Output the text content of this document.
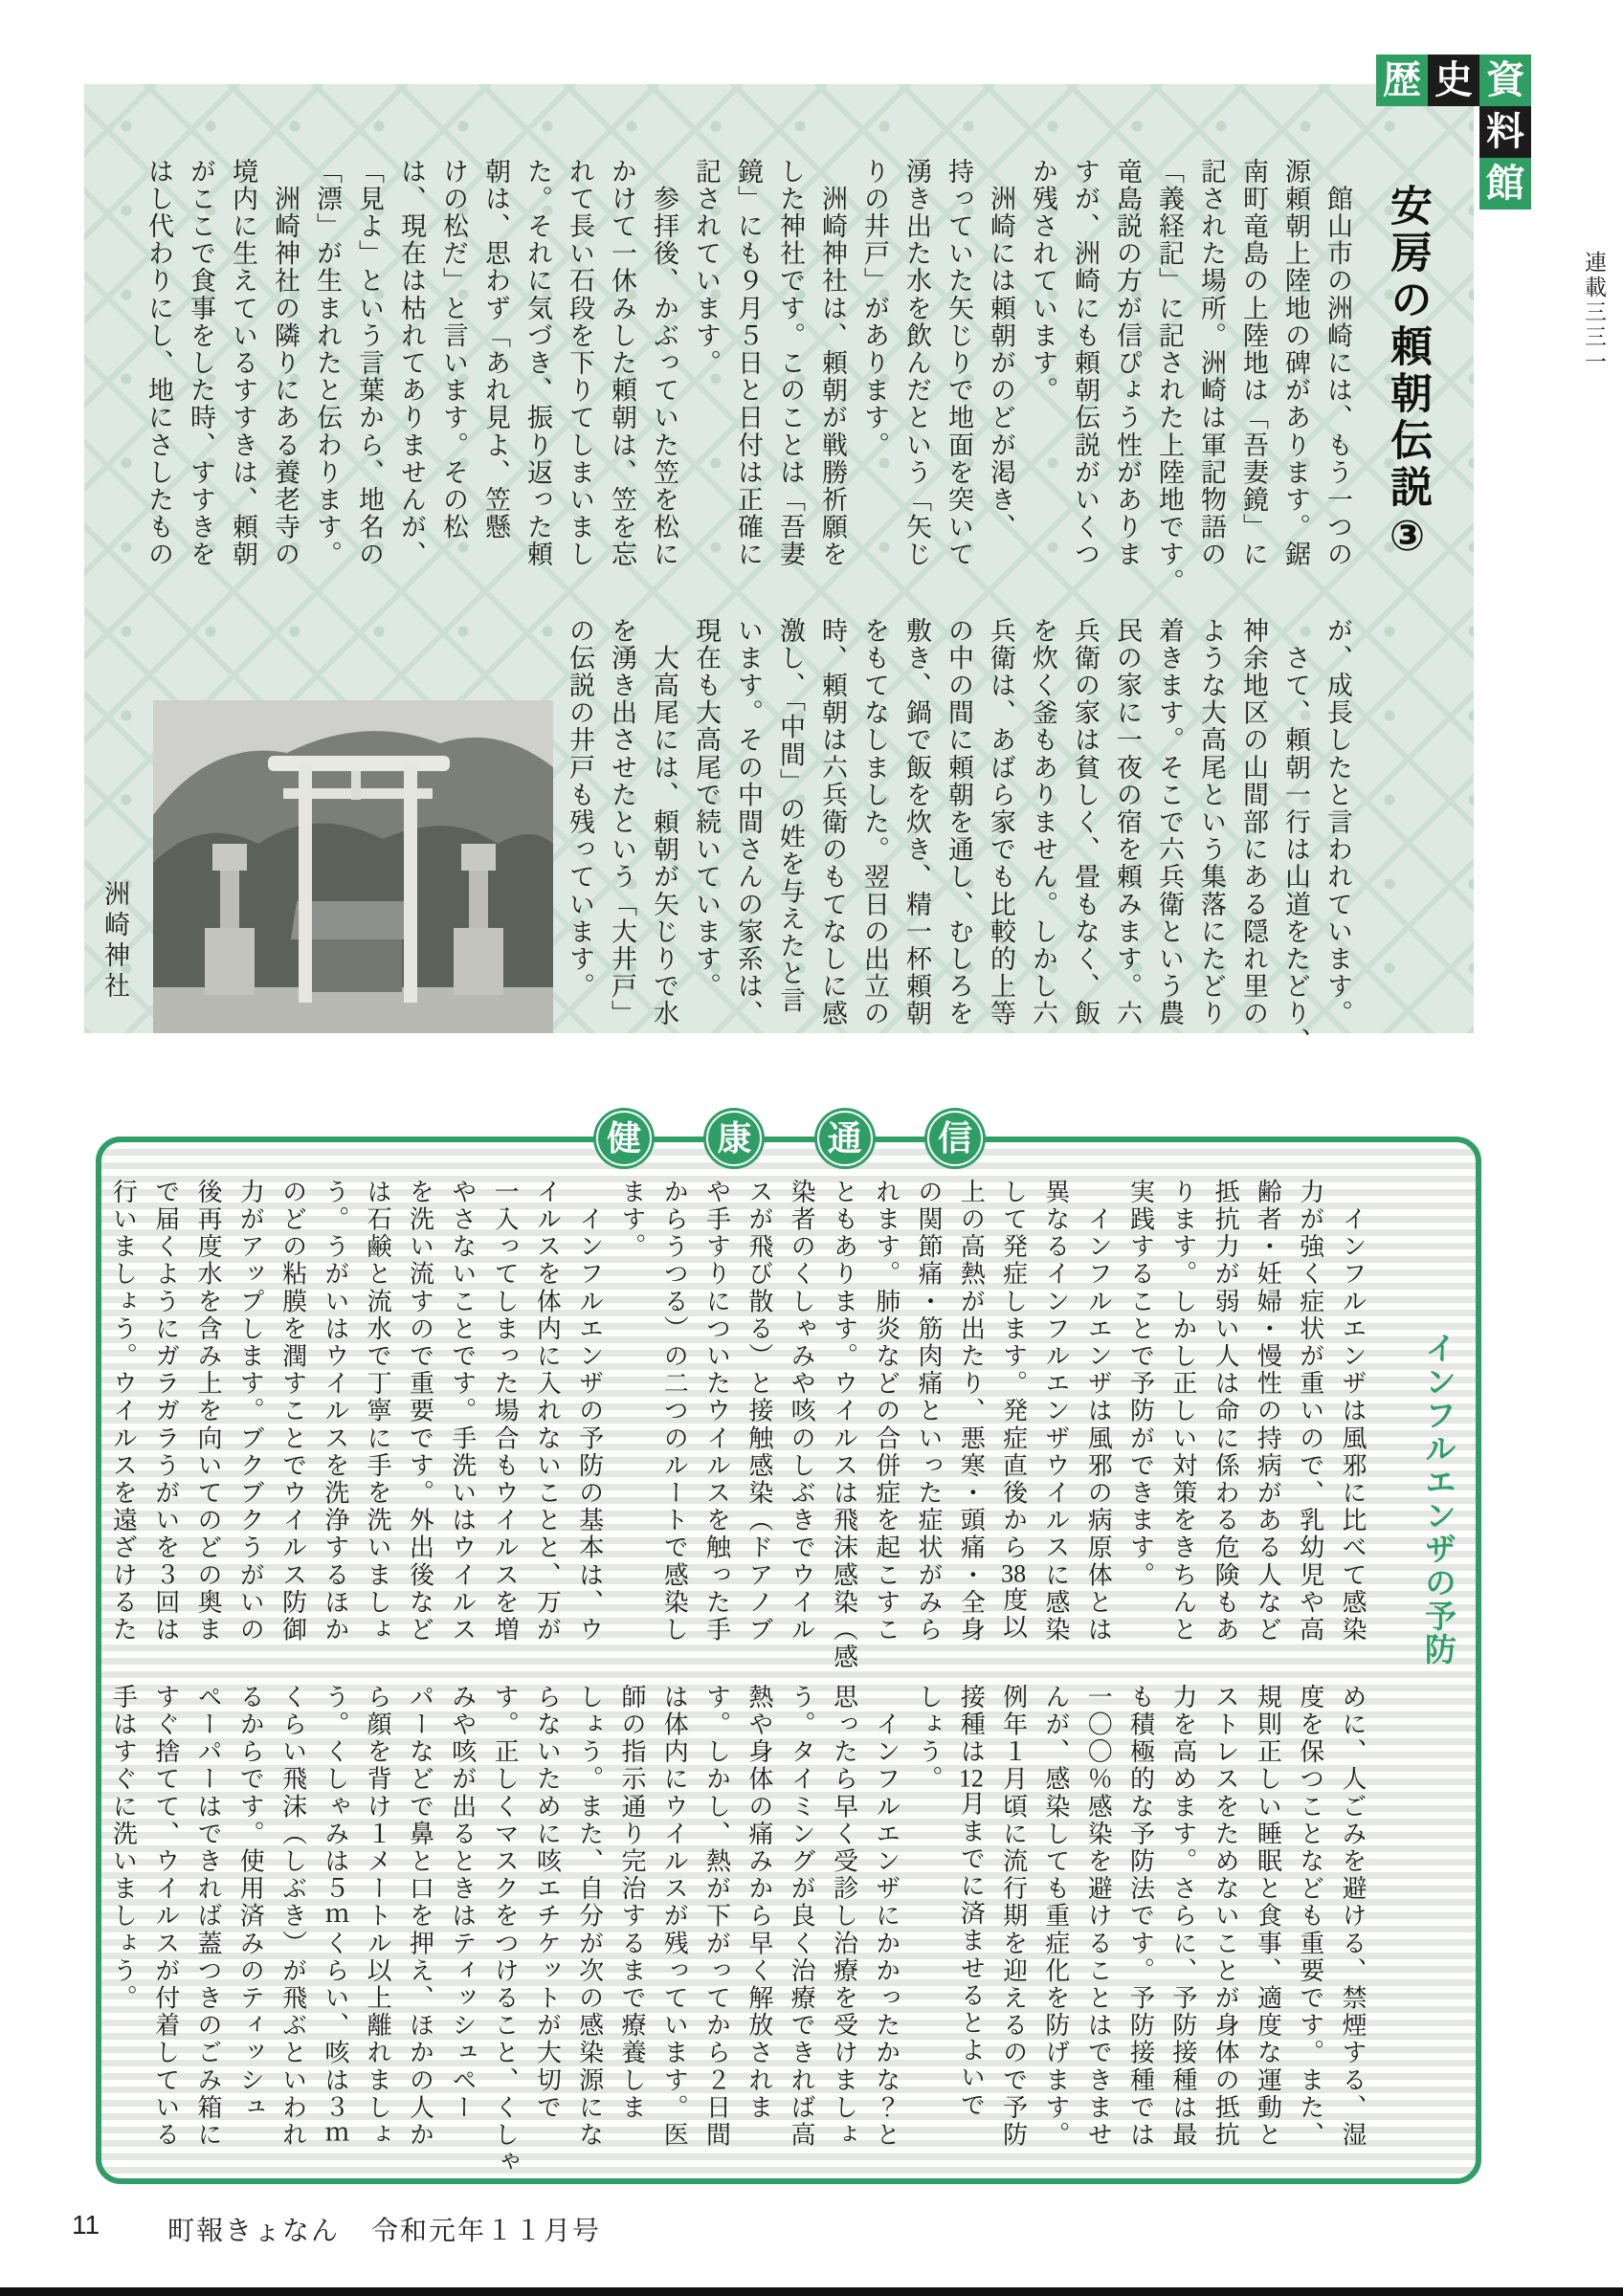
歴 史 資
料
館
連載三三一
安房の頼朝伝説③
　館山市の洲崎には、もう一つの
源頼朝上陸地の碑があります。鋸
南町竜島の上陸地は「吾妻鏡」に
記された場所。洲崎は軍記物語の
「義経記」に記された上陸地です。
竜島説の方が信ぴょう性がありま
すが、洲崎にも頼朝伝説がいくつ
か残されています。
　洲崎には頼朝がのどが渇き、
持っていた矢じりで地面を突いて
湧き出た水を飲んだという「矢じ
りの井戸」があります。
　洲崎神社は、頼朝が戦勝祈願を
した神社です。このことは「吾妻
鏡」にも９月５日と日付は正確に
記されています。
　参拝後、かぶっていた笠を松に
かけて一休みした頼朝は、笠を忘
れて長い石段を下りてしまいまし
た。それに気づき、振り返った頼
朝は、思わず「あれ見よ、笠懸
けの松だ」と言います。その松
は、現在は枯れてありませんが、
「見よ」という言葉から、地名の
「漂」が生まれたと伝わります。
　洲崎神社の隣りにある養老寺の
境内に生えているすすきは、頼朝
がここで食事をした時、すすきを
はし代わりにし、地にさしたもの
が、成長したと言われています。
　さて、頼朝一行は山道をたどり、
神余地区の山間部にある隠れ里の
ような大高尾という集落にたどり
着きます。そこで六兵衛という農
民の家に一夜の宿を頼みます。六
兵衛の家は貧しく、畳もなく、飯
を炊く釜もありません。しかし六
兵衛は、あばら家でも比較的上等
の中の間に頼朝を通し、むしろを
敷き、鍋で飯を炊き、精一杯頼朝
をもてなしました。翌日の出立の
時、頼朝は六兵衛のもてなしに感
激し、「中間」の姓を与えたと言
います。その中間さんの家系は、
現在も大高尾で続いています。
　大高尾には、頼朝が矢じりで水
を湧き出させたという「大井戸」
の伝説の井戸も残っています。
洲崎神社
健	康	通	信
インフルエンザの予防
　インフルエンザは風邪に比べて感染
力が強く症状が重いので、乳幼児や高
齢者・妊婦・慢性の持病がある人など
抵抗力が弱い人は命に係わる危険もあ
ります。しかし正しい対策をきちんと
実践することで予防ができます。
　インフルエンザは風邪の病原体とは
異なるインフルエンザウイルスに感染
して発症します。発症直後から38度以
上の高熱が出たり、悪寒・頭痛・全身
の関節痛・筋肉痛といった症状がみら
れます。肺炎などの合併症を起こすこ
ともあります。ウイルスは飛沫感染（感
染者のくしゃみや咳のしぶきでウイル
スが飛び散る）と接触感染（ドアノブ
や手すりについたウイルスを触った手
からうつる）の二つのルートで感染し
ます。
　インフルエンザの予防の基本は、ウ
イルスを体内に入れないことと、万が
一入ってしまった場合もウイルスを増
やさないことです。手洗いはウイルス
を洗い流すので重要です。外出後など
は石鹸と流水で丁寧に手を洗いましょ
う。うがいはウイルスを洗浄するほか
のどの粘膜を潤すことでウイルス防御
力がアップします。ブクブクうがいの
後再度水を含み上を向いてのどの奥ま
で届くようにガラガラうがいを３回は
行いましょう。ウイルスを遠ざけるた
めに、人ごみを避ける、禁煙する、湿
度を保つことなども重要です。また、
規則正しい睡眠と食事、適度な運動と
ストレスをためないことが身体の抵抗
力を高めます。さらに、予防接種は最
も積極的な予防法です。予防接種では
一〇〇％感染を避けることはできませ
んが、感染しても重症化を防げます。
例年１月頃に流行期を迎えるので予防
接種は12月までに済ませるとよいで
しょう。
　インフルエンザにかかったかな？と
思ったら早く受診し治療を受けましょ
う。タイミングが良く治療できれば高
熱や身体の痛みから早く解放されま
す。しかし、熱が下がってから２日間
は体内にウイルスが残っています。医
師の指示通り完治するまで療養しま
しょう。また、自分が次の感染源にな
らないために咳エチケットが大切で
す。正しくマスクをつけること、くしゃ
みや咳が出るときはティッシュペー
パーなどで鼻と口を押え、ほかの人か
ら顔を背け１メートル以上離れましょ
う。くしゃみは５ｍくらい、咳は３ｍ
くらい飛沫（しぶき）が飛ぶといわれ
るからです。使用済みのティッシュ
ペーパーはできれば蓋つきのごみ箱に
すぐ捨てて、ウイルスが付着している
手はすぐに洗いましょう。
11	町報きょなん 令和元年１１月号
